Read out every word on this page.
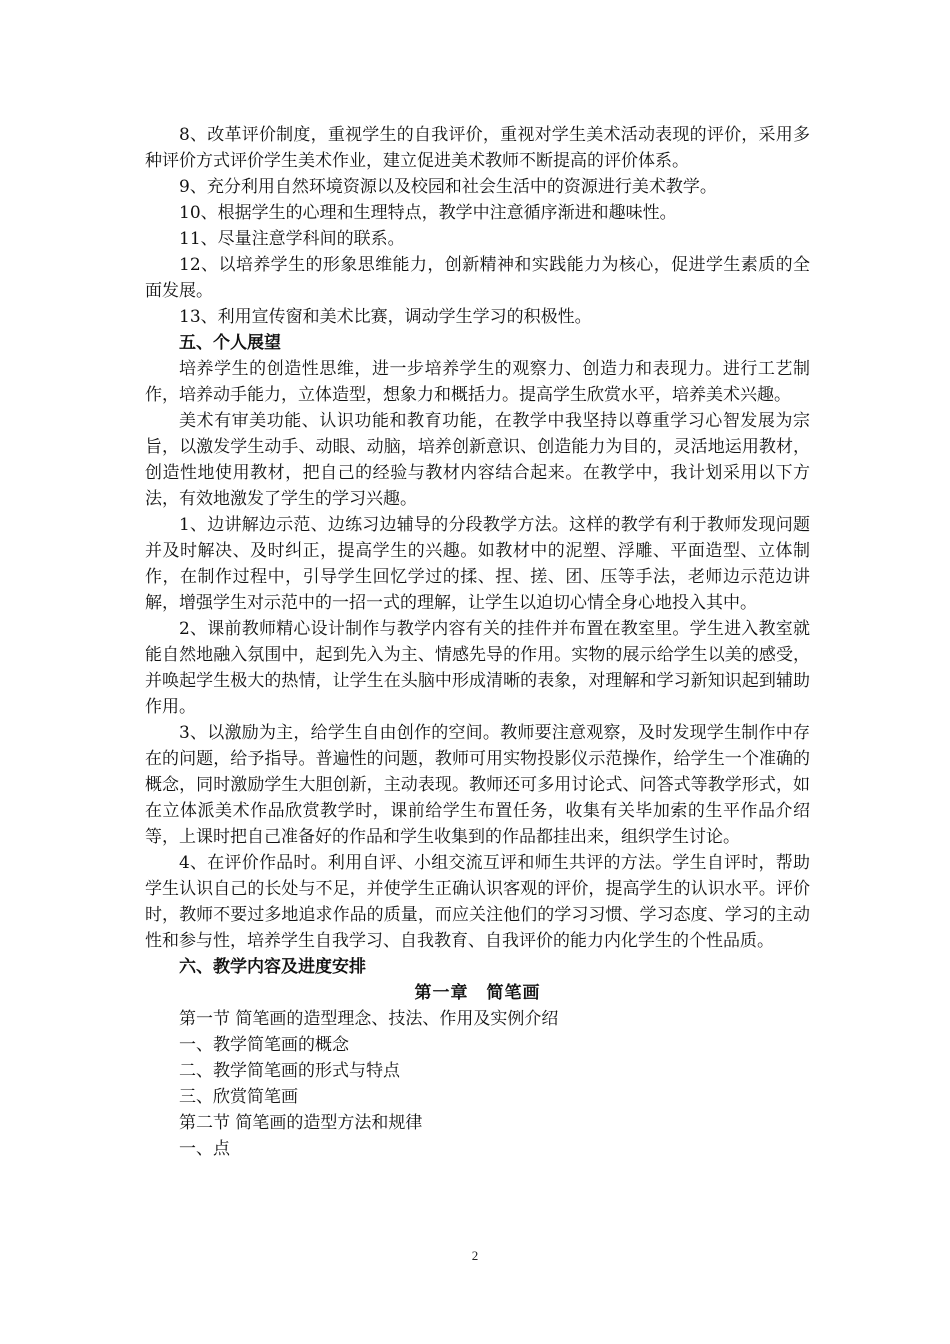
8、改革评价制度，重视学生的自我评价，重视对学生美术活动表现的评价，采用多种评价方式评价学生美术作业，建立促进美术教师不断提高的评价体系。

9、充分利用自然环境资源以及校园和社会生活中的资源进行美术教学。

10、根据学生的心理和生理特点，教学中注意循序渐进和趣味性。

11、尽量注意学科间的联系。

12、以培养学生的形象思维能力，创新精神和实践能力为核心，促进学生素质的全面发展。

13、利用宣传窗和美术比赛，调动学生学习的积极性。

五、个人展望

培养学生的创造性思维，进一步培养学生的观察力、创造力和表现力。进行工艺制作，培养动手能力，立体造型，想象力和概括力。提高学生欣赏水平，培养美术兴趣。

美术有审美功能、认识功能和教育功能，在教学中我坚持以尊重学习心智发展为宗旨，以激发学生动手、动眼、动脑，培养创新意识、创造能力为目的，灵活地运用教材，创造性地使用教材，把自己的经验与教材内容结合起来。在教学中，我计划采用以下方法，有效地激发了学生的学习兴趣。

1、边讲解边示范、边练习边辅导的分段教学方法。这样的教学有利于教师发现问题并及时解决、及时纠正，提高学生的兴趣。如教材中的泥塑、浮雕、平面造型、立体制作，在制作过程中，引导学生回忆学过的揉、捏、搓、团、压等手法，老师边示范边讲解，增强学生对示范中的一招一式的理解，让学生以迫切心情全身心地投入其中。

2、课前教师精心设计制作与教学内容有关的挂件并布置在教室里。学生进入教室就能自然地融入氛围中，起到先入为主、情感先导的作用。实物的展示给学生以美的感受，并唤起学生极大的热情，让学生在头脑中形成清晰的表象，对理解和学习新知识起到辅助作用。

3、以激励为主，给学生自由创作的空间。教师要注意观察，及时发现学生制作中存在的问题，给予指导。普遍性的问题，教师可用实物投影仪示范操作，给学生一个准确的概念，同时激励学生大胆创新，主动表现。教师还可多用讨论式、问答式等教学形式，如在立体派美术作品欣赏教学时，课前给学生布置任务，收集有关毕加索的生平作品介绍等，上课时把自己准备好的作品和学生收集到的作品都挂出来，组织学生讨论。

4、在评价作品时。利用自评、小组交流互评和师生共评的方法。学生自评时，帮助学生认识自己的长处与不足，并使学生正确认识客观的评价，提高学生的认识水平。评价时，教师不要过多地追求作品的质量，而应关注他们的学习习惯、学习态度、学习的主动性和参与性，培养学生自我学习、自我教育、自我评价的能力内化学生的个性品质。

六、教学内容及进度安排

第一章　简笔画

第一节 简笔画的造型理念、技法、作用及实例介绍

一、教学简笔画的概念

二、教学简笔画的形式与特点

三、欣赏简笔画

第二节 简笔画的造型方法和规律

一、点

2
